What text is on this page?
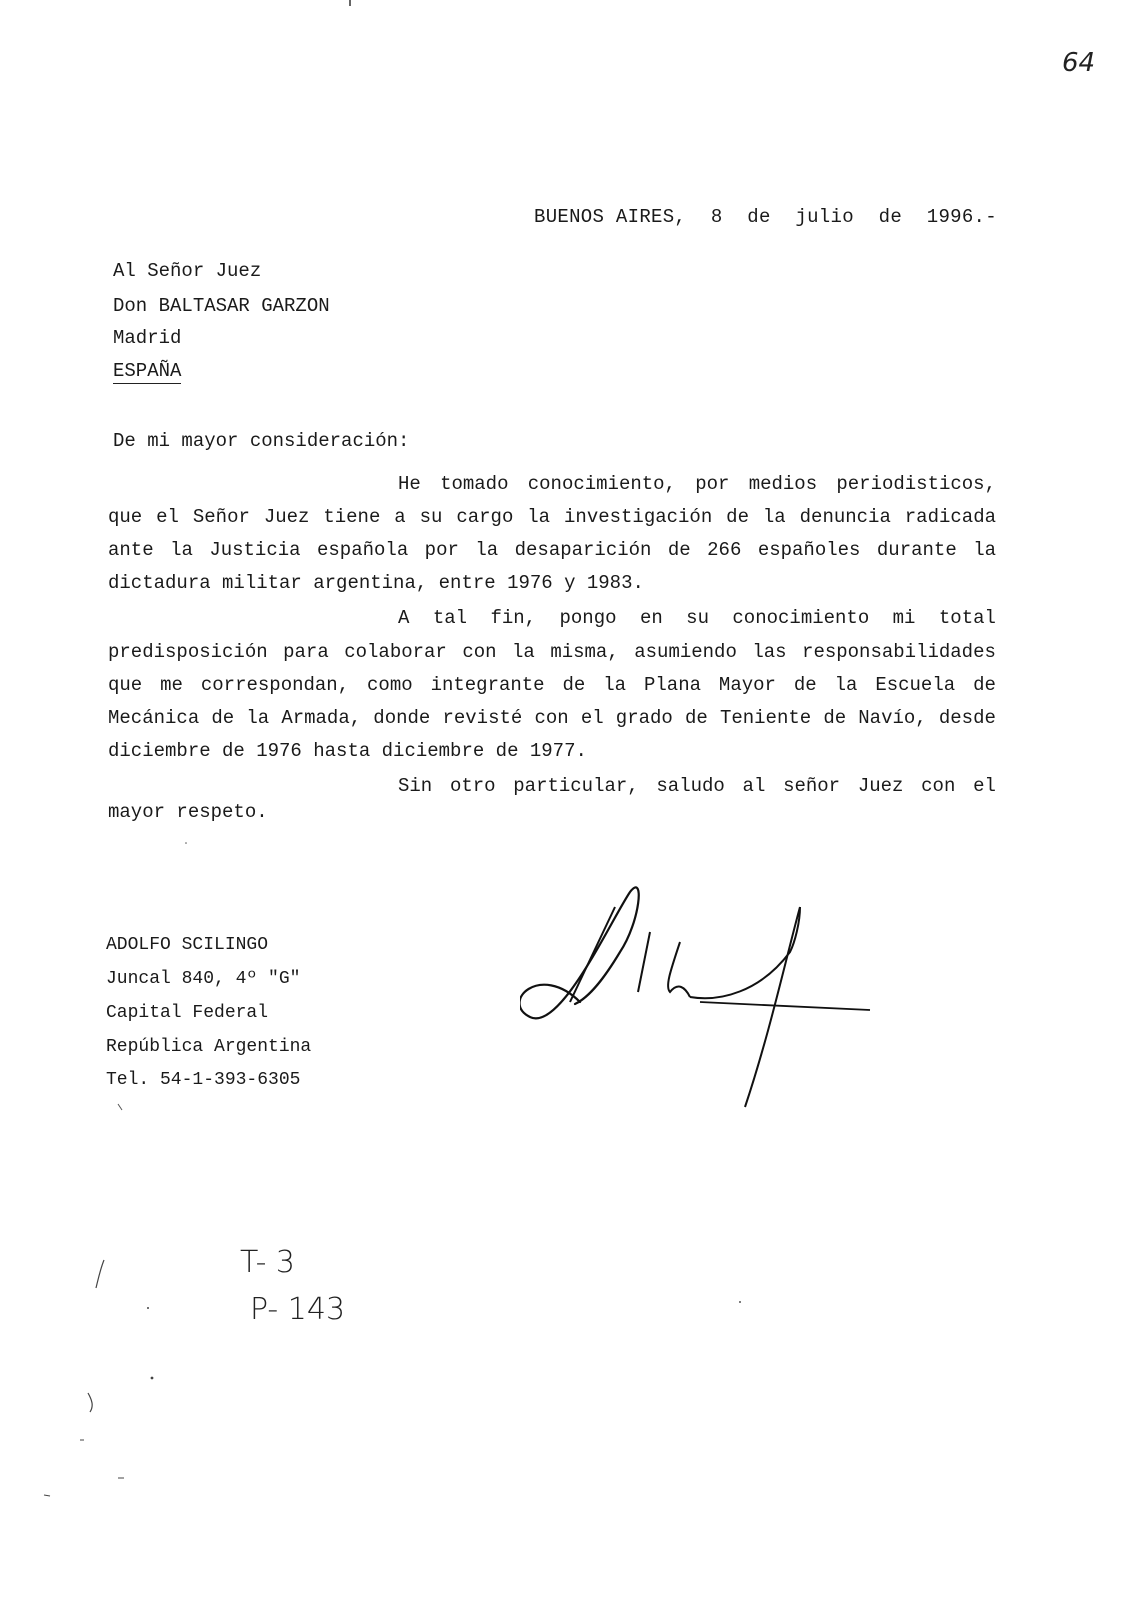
64
BUENOS AIRES, 8 de julio de 1996.-
Al Señor Juez
Don BALTASAR GARZON
Madrid
ESPAÑA
De mi mayor consideración:
He tomado conocimiento, por medios periodisticos,
que el Señor Juez tiene a su cargo la investigación de la denuncia radicada
ante la Justicia española por la desaparición de 266 españoles durante la
dictadura militar argentina, entre 1976 y 1983.
A tal fin, pongo en su conocimiento mi total
predisposición para colaborar con la misma, asumiendo las responsabilidades
que me correspondan, como integrante de la Plana Mayor de la Escuela de
Mecánica de la Armada, donde revisté con el grado de Teniente de Navío, desde
diciembre de 1976 hasta diciembre de 1977.
Sin otro particular, saludo al señor Juez con el
mayor respeto.
ADOLFO SCILINGO
Juncal 840, 4º "G"
Capital Federal
República Argentina
Tel. 54-1-393-6305
T- 3
P- 143
